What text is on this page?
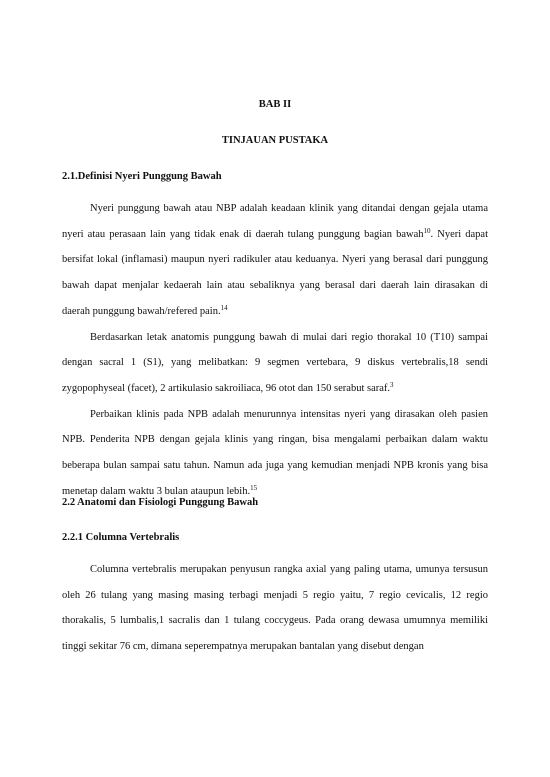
BAB II
TINJAUAN PUSTAKA
2.1.Definisi Nyeri Punggung Bawah

Nyeri punggung bawah atau NBP adalah keadaan klinik yang ditandai dengan gejala utama nyeri atau perasaan lain yang tidak enak di daerah tulang punggung bagian bawah$^{10}$. Nyeri dapat bersifat lokal (inflamasi) maupun nyeri radikuler atau keduanya. Nyeri yang berasal dari punggung bawah dapat menjalar kedaerah lain atau sebaliknya yang berasal dari daerah lain dirasakan di daerah punggung bawah/refered pain.$^{14}$

Berdasarkan letak anatomis punggung bawah di mulai dari regio thorakal 10 (T10) sampai dengan sacral 1 (S1), yang melibatkan: 9 segmen vertebara, 9 diskus vertebralis,18 sendi zygopophyseal (facet), 2 artikulasio sakroiliaca, 96 otot dan 150 serabut saraf.$^3$

Perbaikan klinis pada NPB adalah menurunnya intensitas nyeri yang dirasakan oleh pasien NPB. Penderita NPB dengan gejala klinis yang ringan, bisa mengalami perbaikan dalam waktu beberapa bulan sampai satu tahun. Namun ada juga yang kemudian menjadi NPB kronis yang bisa menetap dalam waktu 3 bulan ataupun lebih.$^{15}$

2.2 Anatomi dan Fisiologi Punggung Bawah
2.2.1 Columna Vertebralis

Columna vertebralis merupakan penyusun rangka axial yang paling utama, umunya tersusun oleh 26 tulang yang masing masing terbagi menjadi 5 regio yaitu, 7 regio cevicalis, 12 regio thorakalis, 5 lumbalis,1 sacralis dan 1 tulang coccygeus. Pada orang dewasa umumnya memiliki tinggi sekitar 76 cm, dimana seperempatnya merupakan bantalan yang disebut dengan
